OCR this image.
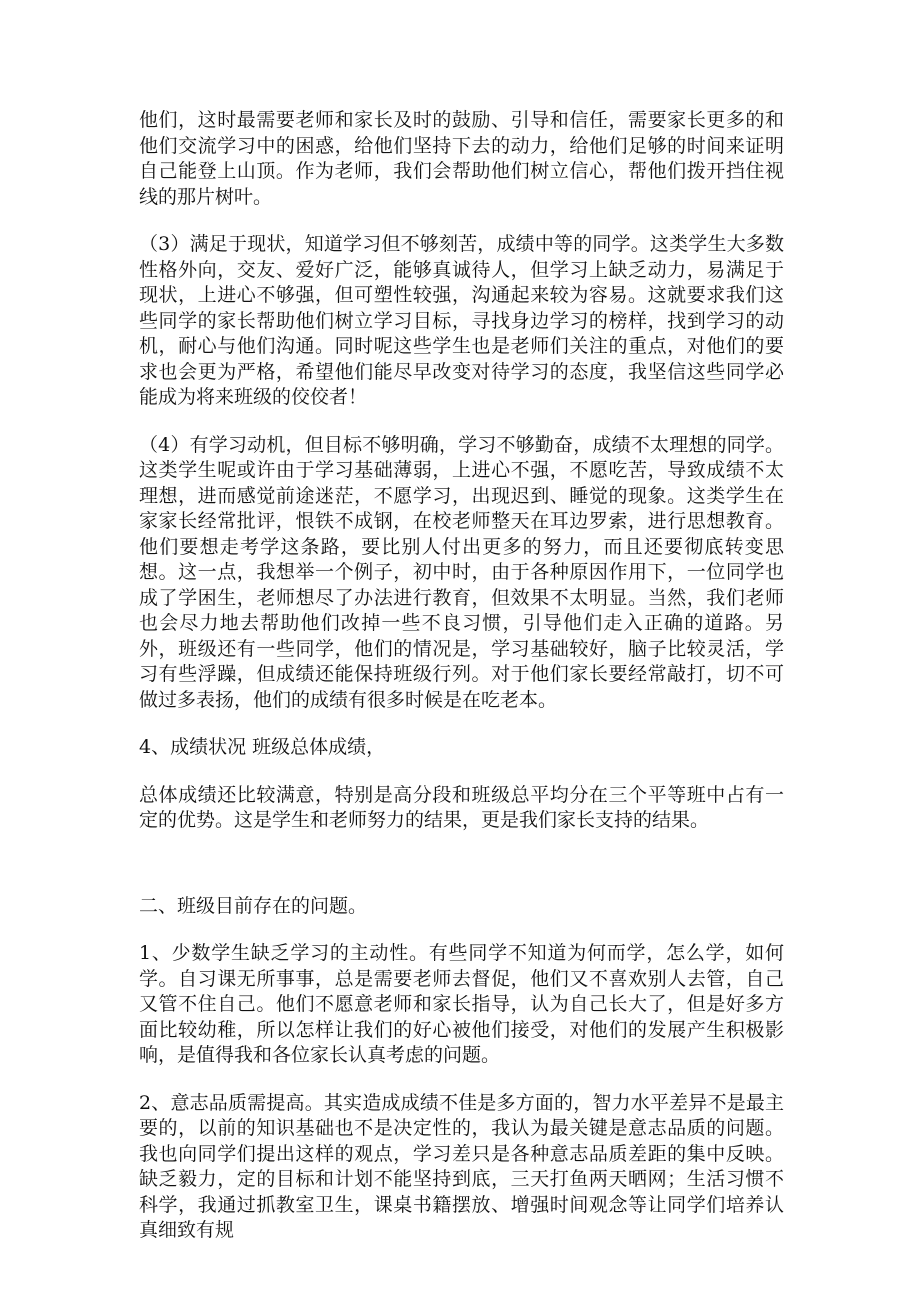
他们，这时最需要老师和家长及时的鼓励、引导和信任，需要家长更多的和他们交流学习中的困惑，给他们坚持下去的动力，给他们足够的时间来证明自己能登上山顶。作为老师，我们会帮助他们树立信心，帮他们拨开挡住视线的那片树叶。

（3）满足于现状，知道学习但不够刻苦，成绩中等的同学。这类学生大多数性格外向，交友、爱好广泛，能够真诚待人，但学习上缺乏动力，易满足于现状，上进心不够强，但可塑性较强，沟通起来较为容易。这就要求我们这些同学的家长帮助他们树立学习目标，寻找身边学习的榜样，找到学习的动机，耐心与他们沟通。同时呢这些学生也是老师们关注的重点，对他们的要求也会更为严格，希望他们能尽早改变对待学习的态度，我坚信这些同学必能成为将来班级的佼佼者！

（4）有学习动机，但目标不够明确，学习不够勤奋，成绩不太理想的同学。这类学生呢或许由于学习基础薄弱，上进心不强，不愿吃苦，导致成绩不太理想，进而感觉前途迷茫，不愿学习，出现迟到、睡觉的现象。这类学生在家家长经常批评，恨铁不成钢，在校老师整天在耳边罗索，进行思想教育。他们要想走考学这条路，要比别人付出更多的努力，而且还要彻底转变思想。这一点，我想举一个例子，初中时，由于各种原因作用下，一位同学也成了学困生，老师想尽了办法进行教育，但效果不太明显。当然，我们老师也会尽力地去帮助他们改掉一些不良习惯，引导他们走入正确的道路。另外，班级还有一些同学，他们的情况是，学习基础较好，脑子比较灵活，学习有些浮躁，但成绩还能保持班级行列。对于他们家长要经常敲打，切不可做过多表扬，他们的成绩有很多时候是在吃老本。

4、成绩状况 班级总体成绩，

总体成绩还比较满意，特别是高分段和班级总平均分在三个平等班中占有一定的优势。这是学生和老师努力的结果，更是我们家长支持的结果。

二、班级目前存在的问题。

1、少数学生缺乏学习的主动性。有些同学不知道为何而学，怎么学，如何学。自习课无所事事，总是需要老师去督促，他们又不喜欢别人去管，自己又管不住自己。他们不愿意老师和家长指导，认为自己长大了，但是好多方面比较幼稚，所以怎样让我们的好心被他们接受，对他们的发展产生积极影响，是值得我和各位家长认真考虑的问题。

2、意志品质需提高。其实造成成绩不佳是多方面的，智力水平差异不是最主要的，以前的知识基础也不是决定性的，我认为最关键是意志品质的问题。我也向同学们提出这样的观点，学习差只是各种意志品质差距的集中反映。缺乏毅力，定的目标和计划不能坚持到底，三天打鱼两天晒网；生活习惯不科学，我通过抓教室卫生，课桌书籍摆放、增强时间观念等让同学们培养认真细致有规
